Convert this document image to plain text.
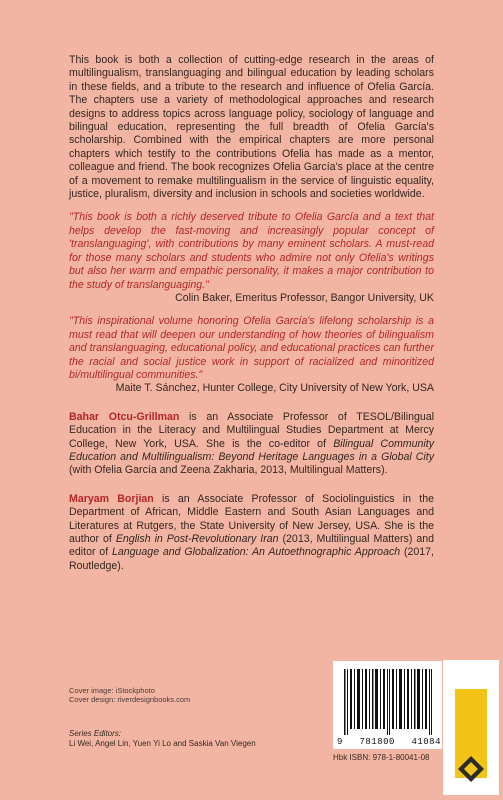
This book is both a collection of cutting-edge research in the areas of multilingualism, translanguaging and bilingual education by leading scholars in these fields, and a tribute to the research and influence of Ofelia García. The chapters use a variety of methodological approaches and research designs to address topics across language policy, sociology of language and bilingual education, representing the full breadth of Ofelia García's scholarship. Combined with the empirical chapters are more personal chapters which testify to the contributions Ofelia has made as a mentor, colleague and friend. The book recognizes Ofelia García's place at the centre of a movement to remake multilingualism in the service of linguistic equality, justice, pluralism, diversity and inclusion in schools and societies worldwide.

"This book is both a richly deserved tribute to Ofelia García and a text that helps develop the fast-moving and increasingly popular concept of 'translanguaging', with contributions by many eminent scholars. A must-read for those many scholars and students who admire not only Ofelia's writings but also her warm and empathic personality, it makes a major contribution to the study of translanguaging."

Colin Baker, Emeritus Professor, Bangor University, UK

"This inspirational volume honoring Ofelia García's lifelong scholarship is a must read that will deepen our understanding of how theories of bilingualism and translanguaging, educational policy, and educational practices can further the racial and social justice work in support of racialized and minoritized bi/multilingual communities."

Maite T. Sánchez, Hunter College, City University of New York, USA

Bahar Otcu-Grillman is an Associate Professor of TESOL/Bilingual Education in the Literacy and Multilingual Studies Department at Mercy College, New York, USA. She is the co-editor of Bilingual Community Education and Multilingualism: Beyond Heritage Languages in a Global City (with Ofelia García and Zeena Zakharia, 2013, Multilingual Matters).

Maryam Borjian is an Associate Professor of Sociolinguistics in the Department of African, Middle Eastern and South Asian Languages and Literatures at Rutgers, the State University of New Jersey, USA. She is the author of English in Post-Revolutionary Iran (2013, Multilingual Matters) and editor of Language and Globalization: An Autoethnographic Approach (2017, Routledge).

Cover image: iStockphoto
Cover design: riverdesignbooks.com
Series Editors:
Li Wei, Angel Lin, Yuen Yi Lo and Saskia Van Viegen	9 781800 41084
Hbk ISBN: 978-1-80041-08
